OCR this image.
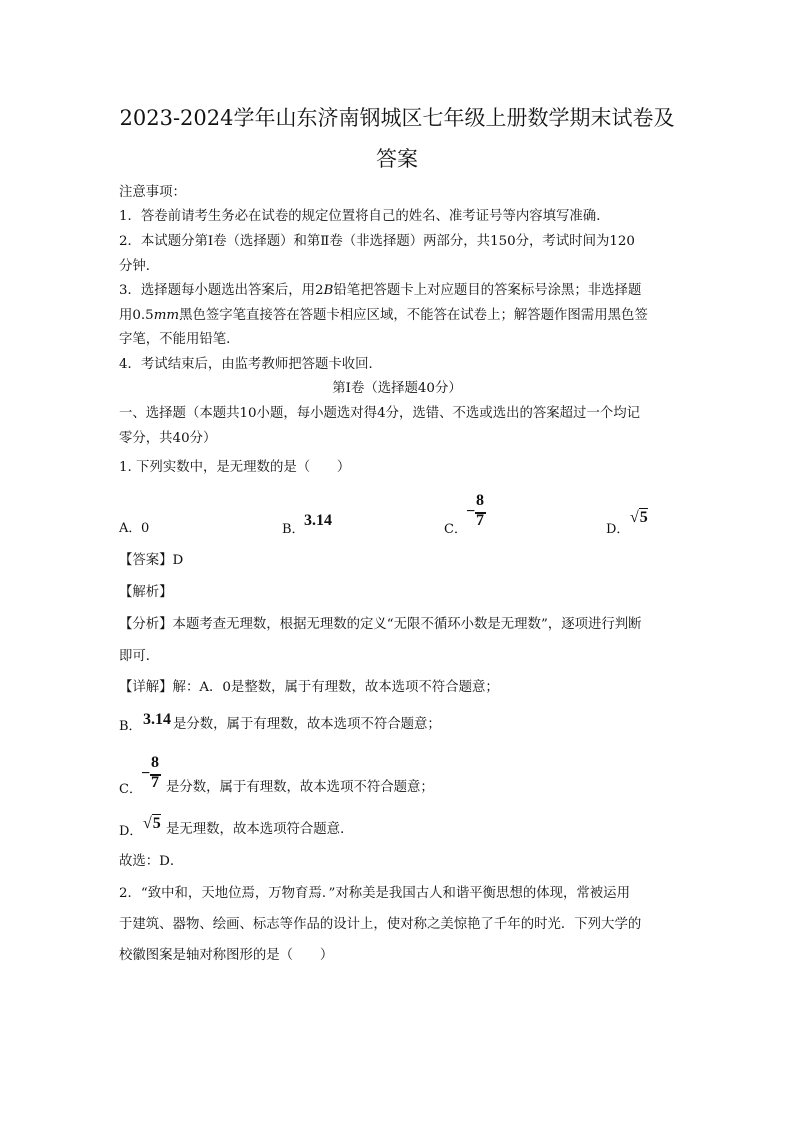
2023-2024学年山东济南钢城区七年级上册数学期末试卷及
答案
注意事项：
1．答卷前请考生务必在试卷的规定位置将自己的姓名、准考证号等内容填写准确．
2．本试题分第Ⅰ卷（选择题）和第Ⅱ卷（非选择题）两部分，共150分，考试时间为120
分钟．
3．选择题每小题选出答案后，用2B铅笔把答题卡上对应题目的答案标号涂黑；非选择题
用0.5mm黑色签字笔直接答在答题卡相应区域，不能答在试卷上；解答题作图需用黑色签
字笔，不能用铅笔．
4．考试结束后，由监考教师把答题卡收回．
第Ⅰ卷（选择题40分）
一、选择题（本题共10小题，每小题选对得4分，选错、不选或选出的答案超过一个均记
零分，共40分）
1. 下列实数中，是无理数的是（　　）
A． 0	B．
3.14
C．
−
8
7
D．
√5
【答案】D
【解析】
【分析】本题考查无理数，根据无理数的定义“无限不循环小数是无理数”，逐项进行判断
即可．
【详解】解：A．0是整数，属于有理数，故本选项不符合题意；
B． 3.14 是分数，属于有理数，故本选项不符合题意；
C．
−
8
7 是分数，属于有理数，故本选项不符合题意；
D． √5 是无理数，故本选项符合题意．
故选：D．
2．“致中和，天地位焉，万物育焉．”对称美是我国古人和谐平衡思想的体现，常被运用
于建筑、器物、绘画、标志等作品的设计上，使对称之美惊艳了千年的时光．下列大学的
校徽图案是轴对称图形的是（　　）
